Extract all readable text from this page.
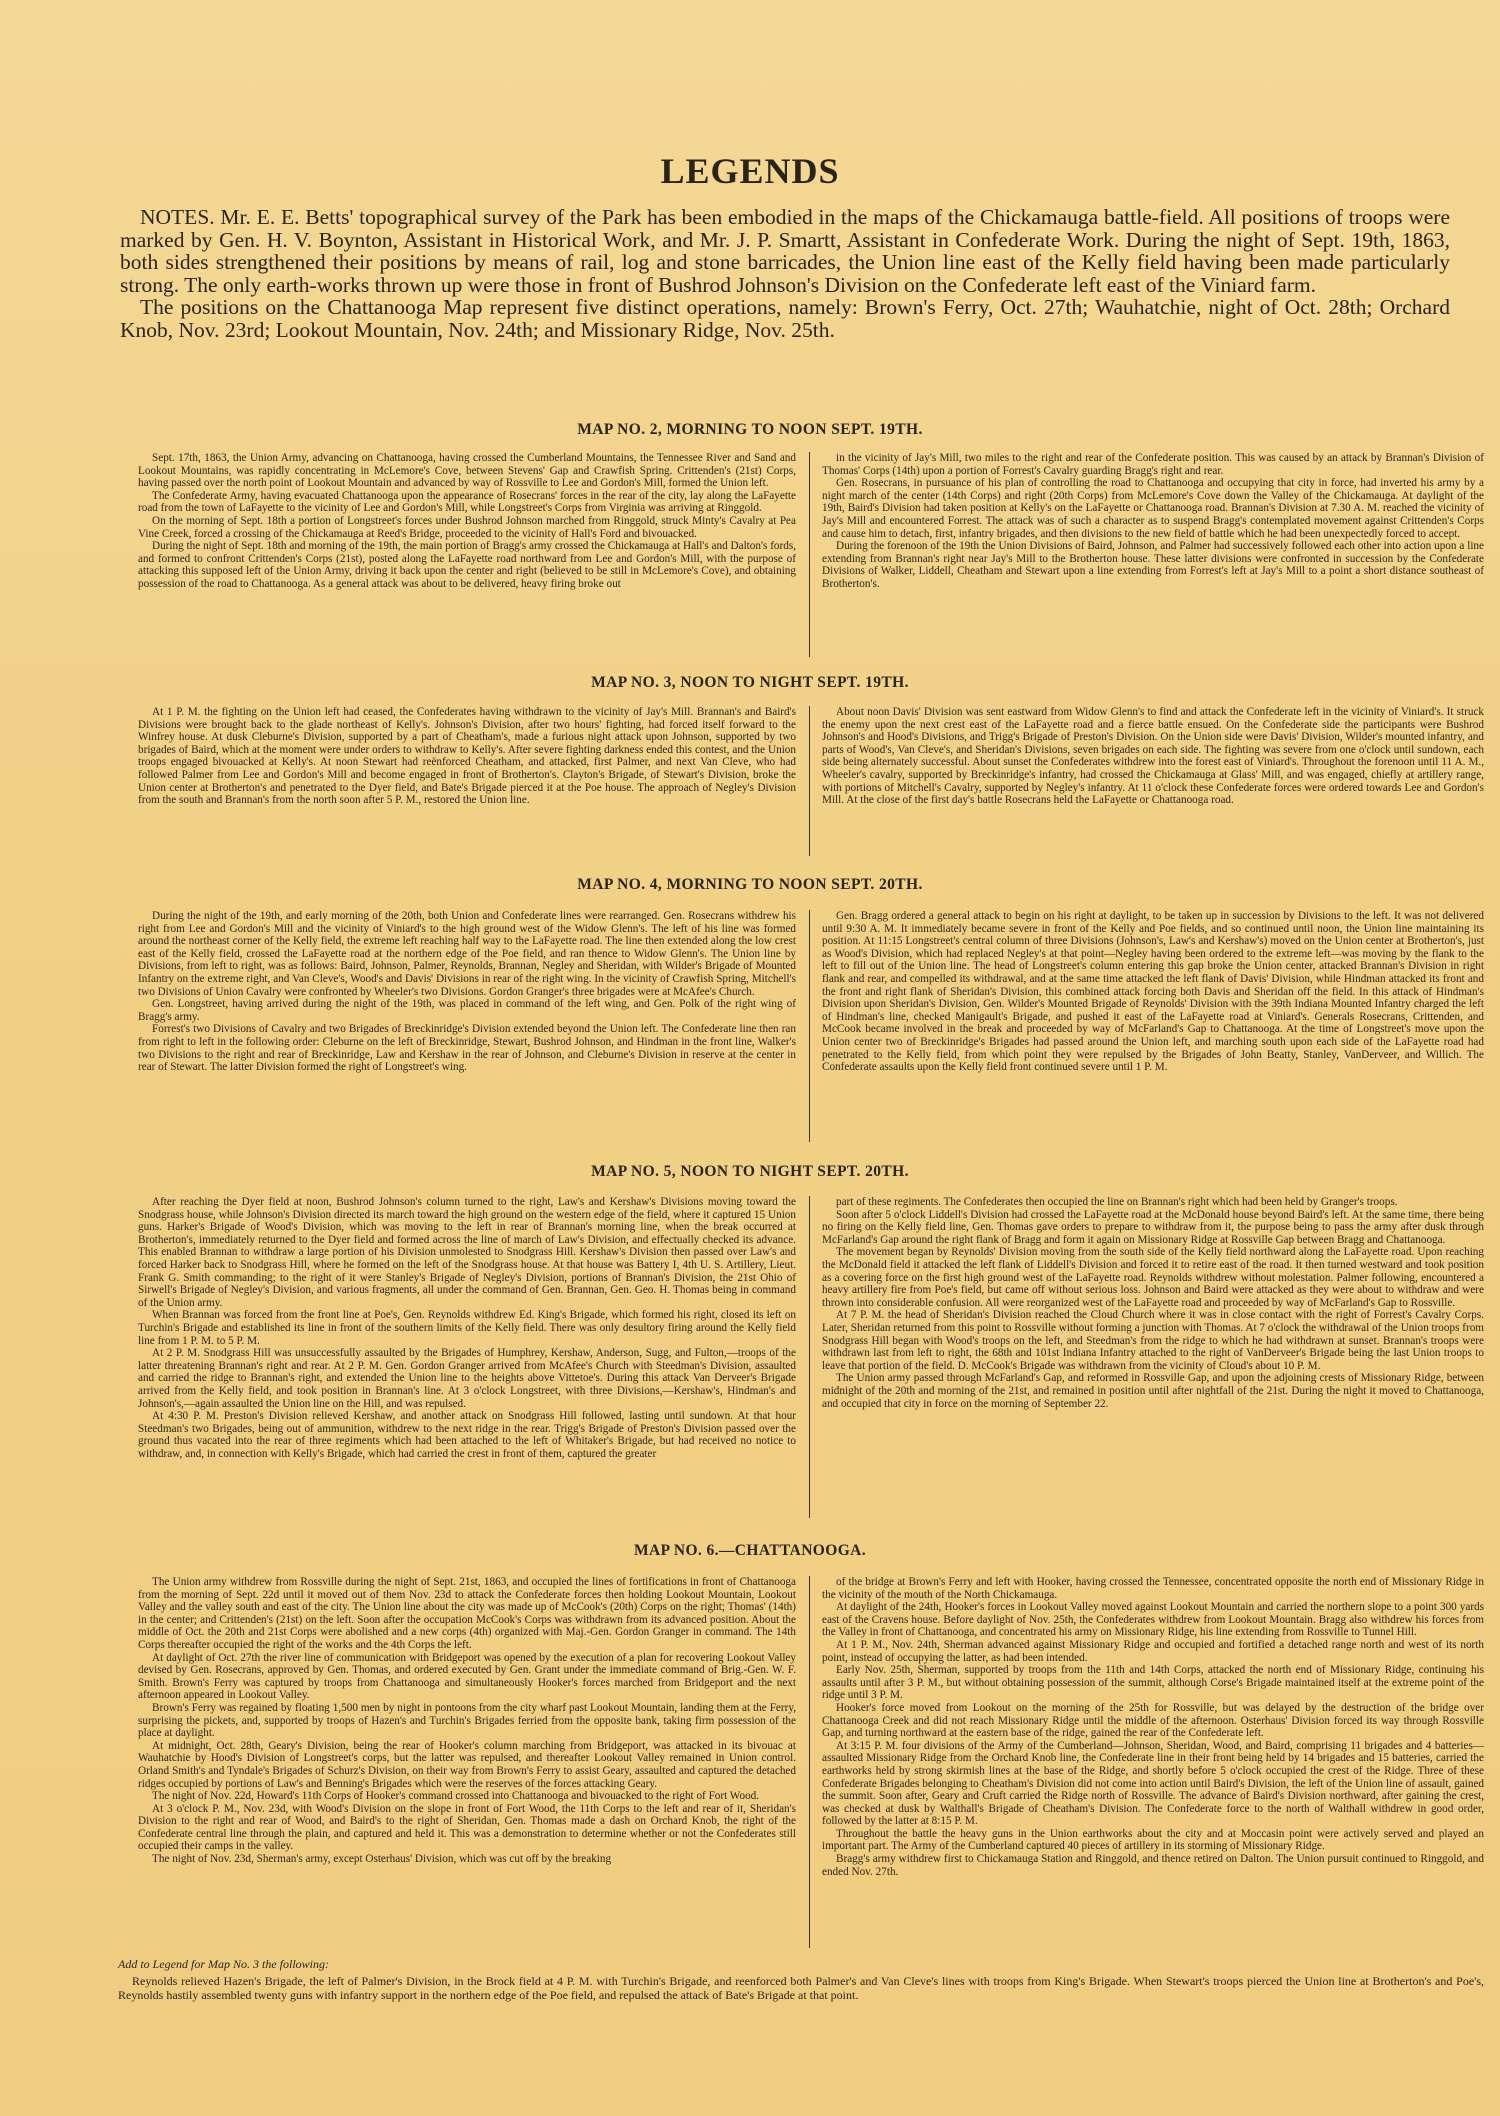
LEGENDS

NOTES. Mr. E. E. Betts' topographical survey of the Park has been embodied in the maps of the Chickamauga battle-field. All positions of troops were marked by Gen. H. V. Boynton, Assistant in Historical Work, and Mr. J. P. Smartt, Assistant in Confederate Work. During the night of Sept. 19th, 1863, both sides strengthened their positions by means of rail, log and stone barricades, the Union line east of the Kelly field having been made particularly strong. The only earth-works thrown up were those in front of Bushrod Johnson's Division on the Confederate left east of the Viniard farm.

The positions on the Chattanooga Map represent five distinct operations, namely: Brown's Ferry, Oct. 27th; Wauhatchie, night of Oct. 28th; Orchard Knob, Nov. 23rd; Lookout Mountain, Nov. 24th; and Missionary Ridge, Nov. 25th.

MAP NO. 2, MORNING TO NOON SEPT. 19TH.

Sept. 17th, 1863, the Union Army, advancing on Chattanooga, having crossed the Cumberland Mountains, the Tennessee River and Sand and Lookout Mountains, was rapidly concentrating in McLemore's Cove, between Stevens' Gap and Crawfish Spring. Crittenden's (21st) Corps, having passed over the north point of Lookout Mountain and advanced by way of Rossville to Lee and Gordon's Mill, formed the Union left.

The Confederate Army, having evacuated Chattanooga upon the appearance of Rosecrans' forces in the rear of the city, lay along the LaFayette road from the town of LaFayette to the vicinity of Lee and Gordon's Mill, while Longstreet's Corps from Virginia was arriving at Ringgold.

On the morning of Sept. 18th a portion of Longstreet's forces under Bushrod Johnson marched from Ringgold, struck Minty's Cavalry at Pea Vine Creek, forced a crossing of the Chickamauga at Reed's Bridge, proceeded to the vicinity of Hall's Ford and bivouacked.

During the night of Sept. 18th and morning of the 19th, the main portion of Bragg's army crossed the Chickamauga at Hall's and Dalton's fords, and formed to confront Crittenden's Corps (21st), posted along the LaFayette road northward from Lee and Gordon's Mill, with the purpose of attacking this supposed left of the Union Army, driving it back upon the center and right (believed to be still in McLemore's Cove), and obtaining possession of the road to Chattanooga. As a general attack was about to be delivered, heavy firing broke out

in the vicinity of Jay's Mill, two miles to the right and rear of the Confederate position. This was caused by an attack by Brannan's Division of Thomas' Corps (14th) upon a portion of Forrest's Cavalry guarding Bragg's right and rear.

Gen. Rosecrans, in pursuance of his plan of controlling the road to Chattanooga and occupying that city in force, had inverted his army by a night march of the center (14th Corps) and right (20th Corps) from McLemore's Cove down the Valley of the Chickamauga. At daylight of the 19th, Baird's Division had taken position at Kelly's on the LaFayette or Chattanooga road. Brannan's Division at 7.30 A. M. reached the vicinity of Jay's Mill and encountered Forrest. The attack was of such a character as to suspend Bragg's contemplated movement against Crittenden's Corps and cause him to detach, first, infantry brigades, and then divisions to the new field of battle which he had been unexpectedly forced to accept.

During the forenoon of the 19th the Union Divisions of Baird, Johnson, and Palmer had successively followed each other into action upon a line extending from Brannan's right near Jay's Mill to the Brotherton house. These latter divisions were confronted in succession by the Confederate Divisions of Walker, Liddell, Cheatham and Stewart upon a line extending from Forrest's left at Jay's Mill to a point a short distance southeast of Brotherton's.

MAP NO. 3, NOON TO NIGHT SEPT. 19TH.

At 1 P. M. the fighting on the Union left had ceased, the Confederates having withdrawn to the vicinity of Jay's Mill. Brannan's and Baird's Divisions were brought back to the glade northeast of Kelly's. Johnson's Division, after two hours' fighting, had forced itself forward to the Winfrey house. At dusk Cleburne's Division, supported by a part of Cheatham's, made a furious night attack upon Johnson, supported by two brigades of Baird, which at the moment were under orders to withdraw to Kelly's. After severe fighting darkness ended this contest, and the Union troops engaged bivouacked at Kelly's. At noon Stewart had reënforced Cheatham, and attacked, first Palmer, and next Van Cleve, who had followed Palmer from Lee and Gordon's Mill and become engaged in front of Brotherton's. Clayton's Brigade, of Stewart's Division, broke the Union center at Brotherton's and penetrated to the Dyer field, and Bate's Brigade pierced it at the Poe house. The approach of Negley's Division from the south and Brannan's from the north soon after 5 P. M., restored the Union line.

About noon Davis' Division was sent eastward from Widow Glenn's to find and attack the Confederate left in the vicinity of Viniard's. It struck the enemy upon the next crest east of the LaFayette road and a fierce battle ensued. On the Confederate side the participants were Bushrod Johnson's and Hood's Divisions, and Trigg's Brigade of Preston's Division. On the Union side were Davis' Division, Wilder's mounted infantry, and parts of Wood's, Van Cleve's, and Sheridan's Divisions, seven brigades on each side. The fighting was severe from one o'clock until sundown, each side being alternately successful. About sunset the Confederates withdrew into the forest east of Viniard's. Throughout the forenoon until 11 A. M., Wheeler's cavalry, supported by Breckinridge's infantry, had crossed the Chickamauga at Glass' Mill, and was engaged, chiefly at artillery range, with portions of Mitchell's Cavalry, supported by Negley's infantry. At 11 o'clock these Confederate forces were ordered towards Lee and Gordon's Mill. At the close of the first day's battle Rosecrans held the LaFayette or Chattanooga road.

MAP NO. 4, MORNING TO NOON SEPT. 20TH.

During the night of the 19th, and early morning of the 20th, both Union and Confederate lines were rearranged. Gen. Rosecrans withdrew his right from Lee and Gordon's Mill and the vicinity of Viniard's to the high ground west of the Widow Glenn's. The left of his line was formed around the northeast corner of the Kelly field, the extreme left reaching half way to the LaFayette road. The line then extended along the low crest east of the Kelly field, crossed the LaFayette road at the northern edge of the Poe field, and ran thence to Widow Glenn's. The Union line by Divisions, from left to right, was as follows: Baird, Johnson, Palmer, Reynolds, Brannan, Negley and Sheridan, with Wilder's Brigade of Mounted Infantry on the extreme right, and Van Cleve's, Wood's and Davis' Divisions in rear of the right wing. In the vicinity of Crawfish Spring, Mitchell's two Divisions of Union Cavalry were confronted by Wheeler's two Divisions. Gordon Granger's three brigades were at McAfee's Church.

Gen. Longstreet, having arrived during the night of the 19th, was placed in command of the left wing, and Gen. Polk of the right wing of Bragg's army.

Forrest's two Divisions of Cavalry and two Brigades of Breckinridge's Division extended beyond the Union left. The Confederate line then ran from right to left in the following order: Cleburne on the left of Breckinridge, Stewart, Bushrod Johnson, and Hindman in the front line, Walker's two Divisions to the right and rear of Breckinridge, Law and Kershaw in the rear of Johnson, and Cleburne's Division in reserve at the center in rear of Stewart. The latter Division formed the right of Longstreet's wing.

Gen. Bragg ordered a general attack to begin on his right at daylight, to be taken up in succession by Divisions to the left. It was not delivered until 9:30 A. M. It immediately became severe in front of the Kelly and Poe fields, and so continued until noon, the Union line maintaining its position. At 11:15 Longstreet's central column of three Divisions (Johnson's, Law's and Kershaw's) moved on the Union center at Brotherton's, just as Wood's Division, which had replaced Negley's at that point—Negley having been ordered to the extreme left—was moving by the flank to the left to fill out of the Union line. The head of Longstreet's column entering this gap broke the Union center, attacked Brannan's Division in right flank and rear, and compelled its withdrawal, and at the same time attacked the left flank of Davis' Division, while Hindman attacked its front and the front and right flank of Sheridan's Division, this combined attack forcing both Davis and Sheridan off the field. In this attack of Hindman's Division upon Sheridan's Division, Gen. Wilder's Mounted Brigade of Reynolds' Division with the 39th Indiana Mounted Infantry charged the left of Hindman's line, checked Manigault's Brigade, and pushed it east of the LaFayette road at Viniard's. Generals Rosecrans, Crittenden, and McCook became involved in the break and proceeded by way of McFarland's Gap to Chattanooga. At the time of Longstreet's move upon the Union center two of Breckinridge's Brigades had passed around the Union left, and marching south upon each side of the LaFayette road had penetrated to the Kelly field, from which point they were repulsed by the Brigades of John Beatty, Stanley, VanDerveer, and Willich. The Confederate assaults upon the Kelly field front continued severe until 1 P. M.

MAP NO. 5, NOON TO NIGHT SEPT. 20TH.

After reaching the Dyer field at noon, Bushrod Johnson's column turned to the right, Law's and Kershaw's Divisions moving toward the Snodgrass house, while Johnson's Division directed its march toward the high ground on the western edge of the field, where it captured 15 Union guns. Harker's Brigade of Wood's Division, which was moving to the left in rear of Brannan's morning line, when the break occurred at Brotherton's, immediately returned to the Dyer field and formed across the line of march of Law's Division, and effectually checked its advance. This enabled Brannan to withdraw a large portion of his Division unmolested to Snodgrass Hill. Kershaw's Division then passed over Law's and forced Harker back to Snodgrass Hill, where he formed on the left of the Snodgrass house. At that house was Battery I, 4th U. S. Artillery, Lieut. Frank G. Smith commanding; to the right of it were Stanley's Brigade of Negley's Division, portions of Brannan's Division, the 21st Ohio of Sirwell's Brigade of Negley's Division, and various fragments, all under the command of Gen. Brannan, Gen. Geo. H. Thomas being in command of the Union army.

When Brannan was forced from the front line at Poe's, Gen. Reynolds withdrew Ed. King's Brigade, which formed his right, closed its left on Turchin's Brigade and established its line in front of the southern limits of the Kelly field. There was only desultory firing around the Kelly field line from 1 P. M. to 5 P. M.

At 2 P. M. Snodgrass Hill was unsuccessfully assaulted by the Brigades of Humphrey, Kershaw, Anderson, Sugg, and Fulton,—troops of the latter threatening Brannan's right and rear. At 2 P. M. Gen. Gordon Granger arrived from McAfee's Church with Steedman's Division, assaulted and carried the ridge to Brannan's right, and extended the Union line to the heights above Vittetoe's. During this attack Van Derveer's Brigade arrived from the Kelly field, and took position in Brannan's line. At 3 o'clock Longstreet, with three Divisions,—Kershaw's, Hindman's and Johnson's,—again assaulted the Union line on the Hill, and was repulsed.

At 4:30 P. M. Preston's Division relieved Kershaw, and another attack on Snodgrass Hill followed, lasting until sundown. At that hour Steedman's two Brigades, being out of ammunition, withdrew to the next ridge in the rear. Trigg's Brigade of Preston's Division passed over the ground thus vacated into the rear of three regiments which had been attached to the left of Whitaker's Brigade, but had received no notice to withdraw, and, in connection with Kelly's Brigade, which had carried the crest in front of them, captured the greater

part of these regiments. The Confederates then occupied the line on Brannan's right which had been held by Granger's troops.

Soon after 5 o'clock Liddell's Division had crossed the LaFayette road at the McDonald house beyond Baird's left. At the same time, there being no firing on the Kelly field line, Gen. Thomas gave orders to prepare to withdraw from it, the purpose being to pass the army after dusk through McFarland's Gap around the right flank of Bragg and form it again on Missionary Ridge at Rossville Gap between Bragg and Chattanooga.

The movement began by Reynolds' Division moving from the south side of the Kelly field northward along the LaFayette road. Upon reaching the McDonald field it attacked the left flank of Liddell's Division and forced it to retire east of the road. It then turned westward and took position as a covering force on the first high ground west of the LaFayette road. Reynolds withdrew without molestation. Palmer following, encountered a heavy artillery fire from Poe's field, but came off without serious loss. Johnson and Baird were attacked as they were about to withdraw and were thrown into considerable confusion. All were reorganized west of the LaFayette road and proceeded by way of McFarland's Gap to Rossville.

At 7 P. M. the head of Sheridan's Division reached the Cloud Church where it was in close contact with the right of Forrest's Cavalry Corps. Later, Sheridan returned from this point to Rossville without forming a junction with Thomas. At 7 o'clock the withdrawal of the Union troops from Snodgrass Hill began with Wood's troops on the left, and Steedman's from the ridge to which he had withdrawn at sunset. Brannan's troops were withdrawn last from left to right, the 68th and 101st Indiana Infantry attached to the right of VanDerveer's Brigade being the last Union troops to leave that portion of the field. D. McCook's Brigade was withdrawn from the vicinity of Cloud's about 10 P. M.

The Union army passed through McFarland's Gap, and reformed in Rossville Gap, and upon the adjoining crests of Missionary Ridge, between midnight of the 20th and morning of the 21st, and remained in position until after nightfall of the 21st. During the night it moved to Chattanooga, and occupied that city in force on the morning of September 22.

MAP NO. 6.—CHATTANOOGA.

The Union army withdrew from Rossville during the night of Sept. 21st, 1863, and occupied the lines of fortifications in front of Chattanooga from the morning of Sept. 22d until it moved out of them Nov. 23d to attack the Confederate forces then holding Lookout Mountain, Lookout Valley and the valley south and east of the city. The Union line about the city was made up of McCook's (20th) Corps on the right; Thomas' (14th) in the center; and Crittenden's (21st) on the left. Soon after the occupation McCook's Corps was withdrawn from its advanced position. About the middle of Oct. the 20th and 21st Corps were abolished and a new corps (4th) organized with Maj.-Gen. Gordon Granger in command. The 14th Corps thereafter occupied the right of the works and the 4th Corps the left.

At daylight of Oct. 27th the river line of communication with Bridgeport was opened by the execution of a plan for recovering Lookout Valley devised by Gen. Rosecrans, approved by Gen. Thomas, and ordered executed by Gen. Grant under the immediate command of Brig.-Gen. W. F. Smith. Brown's Ferry was captured by troops from Chattanooga and simultaneously Hooker's forces marched from Bridgeport and the next afternoon appeared in Lookout Valley.

Brown's Ferry was regained by floating 1,500 men by night in pontoons from the city wharf past Lookout Mountain, landing them at the Ferry, surprising the pickets, and, supported by troops of Hazen's and Turchin's Brigades ferried from the opposite bank, taking firm possession of the place at daylight.

At midnight, Oct. 28th, Geary's Division, being the rear of Hooker's column marching from Bridgeport, was attacked in its bivouac at Wauhatchie by Hood's Division of Longstreet's corps, but the latter was repulsed, and thereafter Lookout Valley remained in Union control. Orland Smith's and Tyndale's Brigades of Schurz's Division, on their way from Brown's Ferry to assist Geary, assaulted and captured the detached ridges occupied by portions of Law's and Benning's Brigades which were the reserves of the forces attacking Geary.

The night of Nov. 22d, Howard's 11th Corps of Hooker's command crossed into Chattanooga and bivouacked to the right of Fort Wood.

At 3 o'clock P. M., Nov. 23d, with Wood's Division on the slope in front of Fort Wood, the 11th Corps to the left and rear of it, Sheridan's Division to the right and rear of Wood, and Baird's to the right of Sheridan, Gen. Thomas made a dash on Orchard Knob, the right of the Confederate central line through the plain, and captured and held it. This was a demonstration to determine whether or not the Confederates still occupied their camps in the valley.

The night of Nov. 23d, Sherman's army, except Osterhaus' Division, which was cut off by the breaking

of the bridge at Brown's Ferry and left with Hooker, having crossed the Tennessee, concentrated opposite the north end of Missionary Ridge in the vicinity of the mouth of the North Chickamauga.

At daylight of the 24th, Hooker's forces in Lookout Valley moved against Lookout Mountain and carried the northern slope to a point 300 yards east of the Cravens house. Before daylight of Nov. 25th, the Confederates withdrew from Lookout Mountain. Bragg also withdrew his forces from the Valley in front of Chattanooga, and concentrated his army on Missionary Ridge, his line extending from Rossville to Tunnel Hill.

At 1 P. M., Nov. 24th, Sherman advanced against Missionary Ridge and occupied and fortified a detached range north and west of its north point, instead of occupying the latter, as had been intended.

Early Nov. 25th, Sherman, supported by troops from the 11th and 14th Corps, attacked the north end of Missionary Ridge, continuing his assaults until after 3 P. M., but without obtaining possession of the summit, although Corse's Brigade maintained itself at the extreme point of the ridge until 3 P. M.

Hooker's force moved from Lookout on the morning of the 25th for Rossville, but was delayed by the destruction of the bridge over Chattanooga Creek and did not reach Missionary Ridge until the middle of the afternoon. Osterhaus' Division forced its way through Rossville Gap, and turning northward at the eastern base of the ridge, gained the rear of the Confederate left.

At 3:15 P. M. four divisions of the Army of the Cumberland—Johnson, Sheridan, Wood, and Baird, comprising 11 brigades and 4 batteries—assaulted Missionary Ridge from the Orchard Knob line, the Confederate line in their front being held by 14 brigades and 15 batteries, carried the earthworks held by strong skirmish lines at the base of the Ridge, and shortly before 5 o'clock occupied the crest of the Ridge. Three of these Confederate Brigades belonging to Cheatham's Division did not come into action until Baird's Division, the left of the Union line of assault, gained the summit. Soon after, Geary and Cruft carried the Ridge north of Rossville. The advance of Baird's Division northward, after gaining the crest, was checked at dusk by Walthall's Brigade of Cheatham's Division. The Confederate force to the north of Walthall withdrew in good order, followed by the latter at 8:15 P. M.

Throughout the battle the heavy guns in the Union earthworks about the city and at Moccasin point were actively served and played an important part. The Army of the Cumberland captured 40 pieces of artillery in its storming of Missionary Ridge.

Bragg's army withdrew first to Chickamauga Station and Ringgold, and thence retired on Dalton. The Union pursuit continued to Ringgold, and ended Nov. 27th.

Add to Legend for Map No. 3 the following:

Reynolds relieved Hazen's Brigade, the left of Palmer's Division, in the Brock field at 4 P. M. with Turchin's Brigade, and reenforced both Palmer's and Van Cleve's lines with troops from King's Brigade. When Stewart's troops pierced the Union line at Brotherton's and Poe's, Reynolds hastily assembled twenty guns with infantry support in the northern edge of the Poe field, and repulsed the attack of Bate's Brigade at that point.
